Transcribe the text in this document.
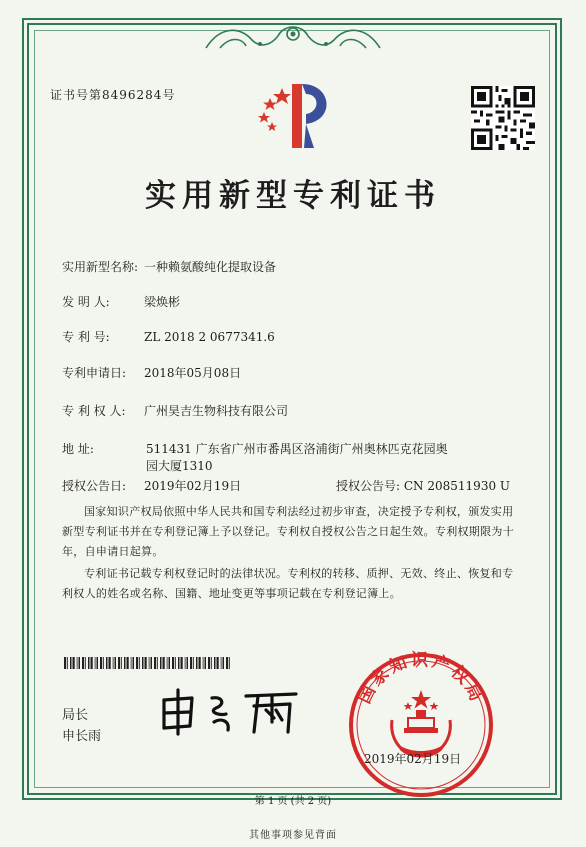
证书号第8496284号
实用新型专利证书
实用新型名称: 一种赖氨酸纯化提取设备
发 明 人:	梁焕彬
专 利 号:	ZL 2018 2 0677341.6
专利申请日: 2018年05月08日
专 利 权 人: 广州昊吉生物科技有限公司
地 址:	511431 广东省广州市番禺区洛浦街广州奥林匹克花园奥
园大厦1310
授权公告日: 2019年02月19日	授权公告号: CN 208511930 U
国家知识产权局依照中华人民共和国专利法经过初步审查，决定授予专利权，颁发实用新型专利证书并在专利登记簿上予以登记。专利权自授权公告之日起生效。专利权期限为十年，自申请日起算。
专利证书记载专利权登记时的法律状况。专利权的转移、质押、无效、终止、恢复和专利权人的姓名或名称、国籍、地址变更等事项记载在专利登记簿上。
局长
申长雨
国家知识产权局
2019年02月19日
第 1 页 (共 2 页)
其他事项参见背面
